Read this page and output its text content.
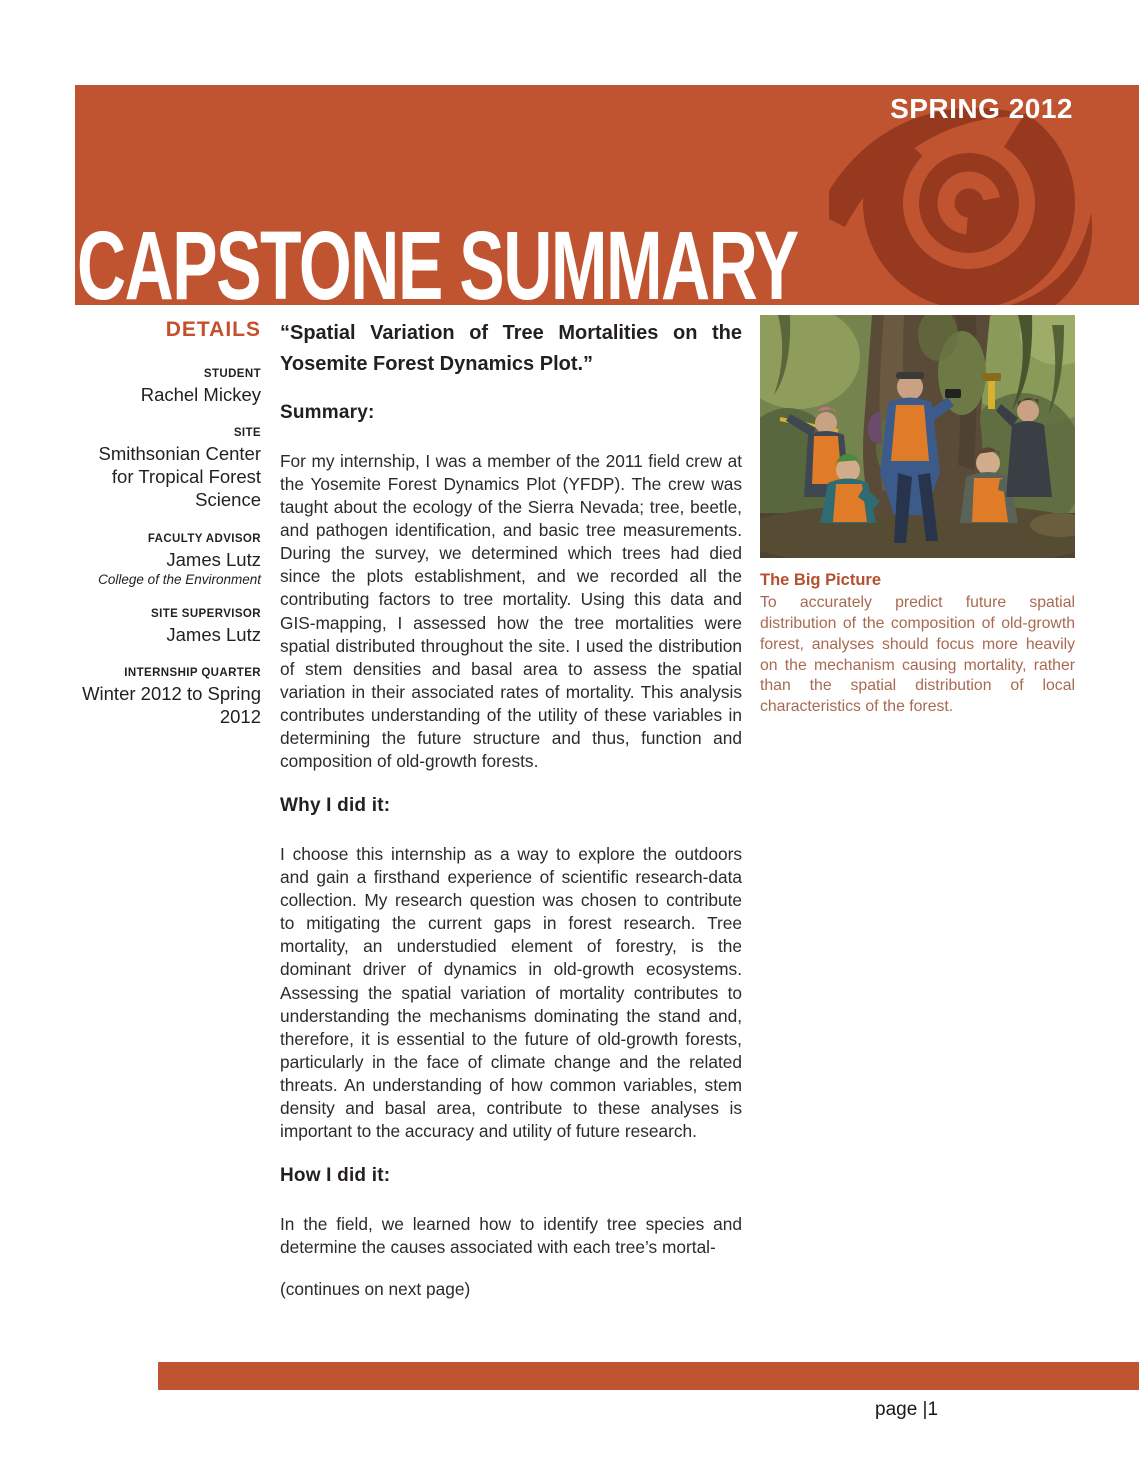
SPRING 2012
CAPSTONE SUMMARY
DETAILS
STUDENT
Rachel Mickey
SITE
Smithsonian Center for Tropical Forest Science
FACULTY ADVISOR
James Lutz
College of the Environment
SITE SUPERVISOR
James Lutz
INTERNSHIP QUARTER
Winter 2012 to Spring 2012
“Spatial Variation of Tree Mortalities on the Yosemite Forest Dynamics Plot.”
Summary:

For my internship, I was a member of the 2011 field crew at the Yosemite Forest Dynamics Plot (YFDP). The crew was taught about the ecology of the Sierra Nevada; tree, beetle, and pathogen identification, and basic tree measurements. During the survey, we determined which trees had died since the plots establishment, and we recorded all the contributing factors to tree mortality. Using this data and GIS-mapping, I assessed how the tree mortalities were spatial distributed throughout the site. I used the distribution of stem densities and basal area to assess the spatial variation in their associated rates of mortality. This analysis contributes understanding of the utility of these variables in determining the future structure and thus, function and composition of old-growth forests.

Why I did it:

I choose this internship as a way to explore the outdoors and gain a firsthand experience of scientific research-data collection. My research question was chosen to contribute to mitigating the current gaps in forest research. Tree mortality, an understudied element of forestry, is the dominant driver of dynamics in old-growth ecosystems. Assessing the spatial variation of mortality contributes to understanding the mechanisms dominating the stand and, therefore, it is essential to the future of old-growth forests, particularly in the face of climate change and the related threats. An understanding of how common variables, stem density and basal area, contribute to these analyses is important to the accuracy and utility of future research.

How I did it:

In the field, we learned how to identify tree species and determine the causes associated with each tree’s mortal-

(continues on next page)

The Big Picture
To accurately predict future spatial distribution of the composition of old-growth forest, analyses should focus more heavily on the mechanism causing mortality, rather than the spatial distribution of local characteristics of the forest.
page |1
